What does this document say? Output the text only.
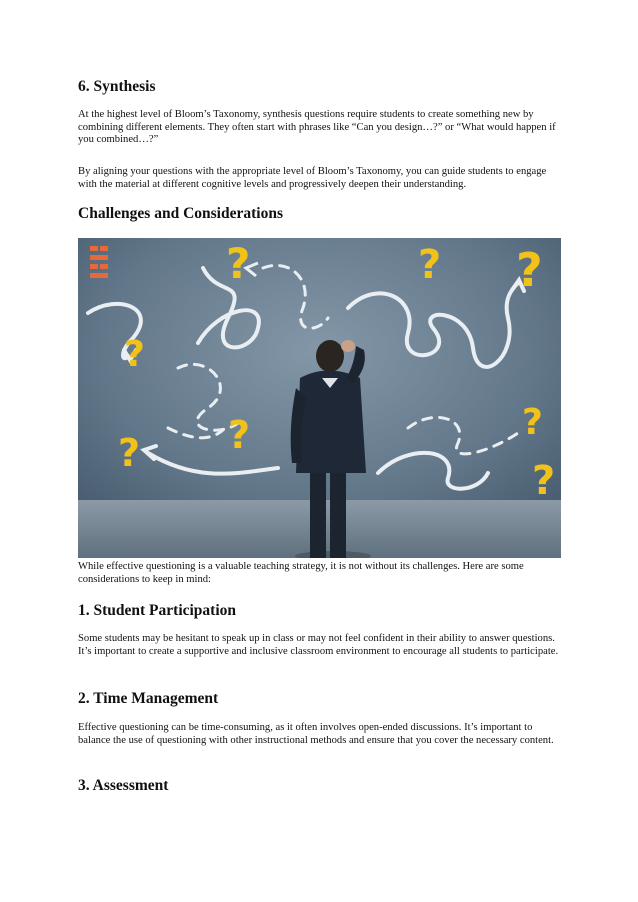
6. Synthesis

At the highest level of Bloom’s Taxonomy, synthesis questions require students to create something new by combining different elements. They often start with phrases like “Can you design…?” or “What would happen if you combined…?”

By aligning your questions with the appropriate level of Bloom’s Taxonomy, you can guide students to engage with the material at different cognitive levels and progressively deepen their understanding.

Challenges and Considerations
?	? ?
?
?
?
?
?

While effective questioning is a valuable teaching strategy, it is not without its challenges. Here are some considerations to keep in mind:

1. Student Participation

Some students may be hesitant to speak up in class or may not feel confident in their ability to answer questions. It’s important to create a supportive and inclusive classroom environment to encourage all students to participate.

2. Time Management

Effective questioning can be time-consuming, as it often involves open-ended discussions. It’s important to balance the use of questioning with other instructional methods and ensure that you cover the necessary content.

3. Assessment
